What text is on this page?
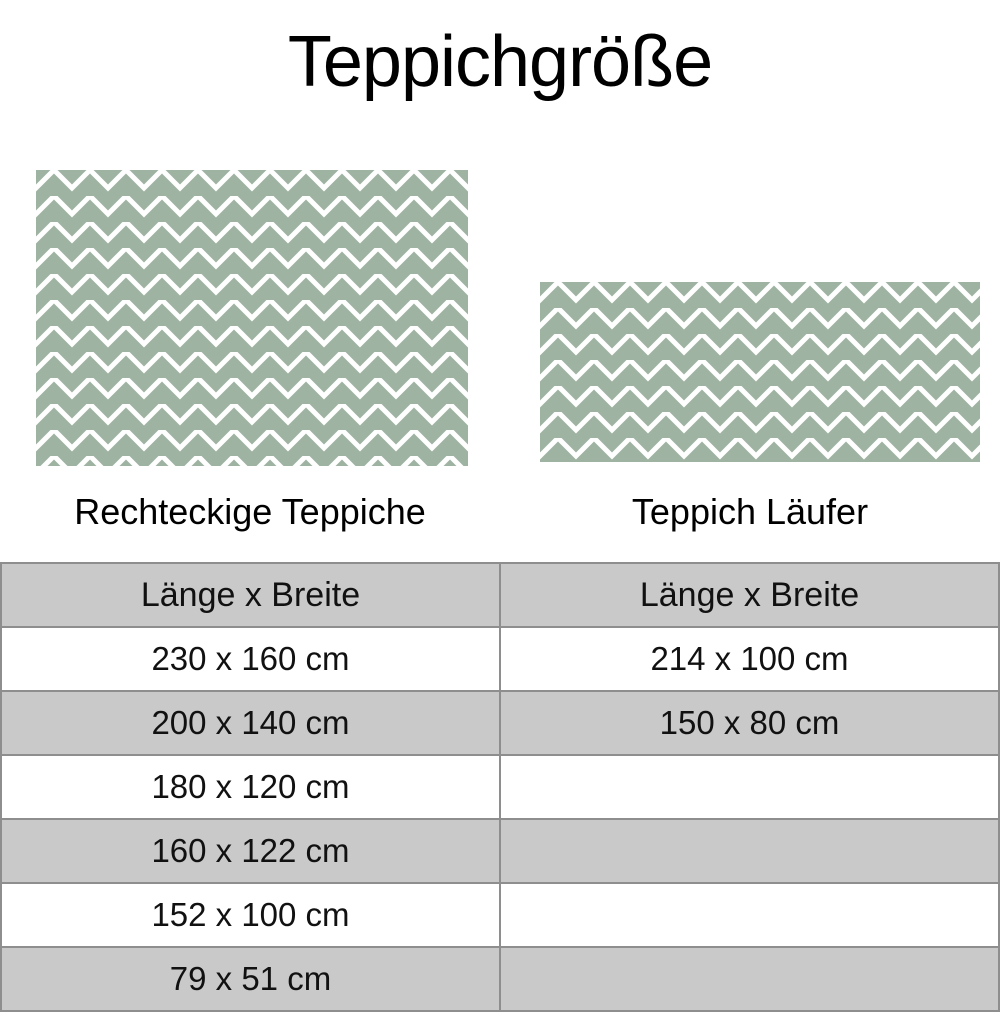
Teppichgröße
Rechteckige Teppiche	Teppich Läufer
Länge x Breite	Länge x Breite
230 x 160 cm	214 x 100 cm
200 x 140 cm	150 x 80 cm
180 x 120 cm	
160 x 122 cm	
152 x 100 cm	
79 x 51 cm	
